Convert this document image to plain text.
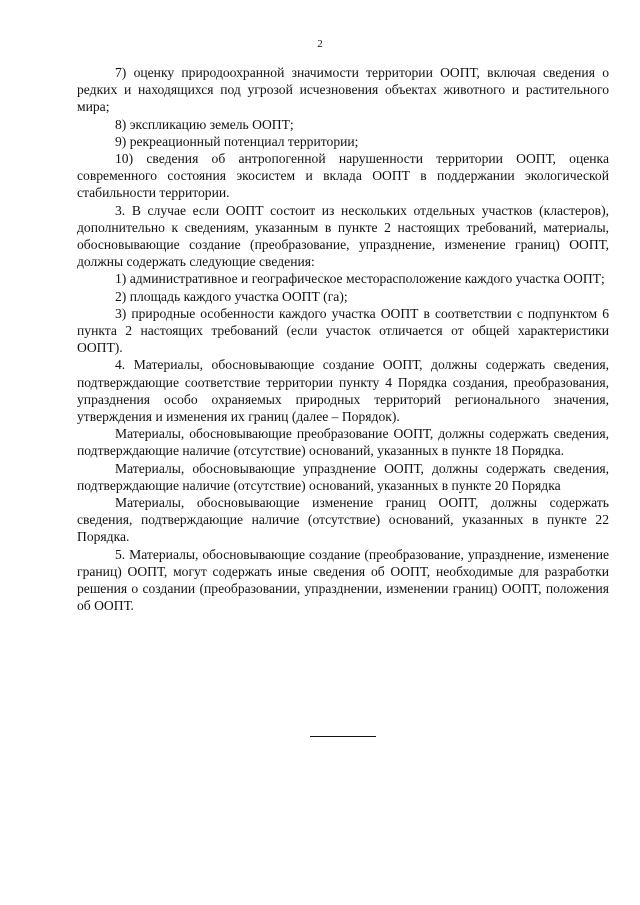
2

7) оценку природоохранной значимости территории ООПТ, включая сведения о редких и находящихся под угрозой исчезновения объектах животного и растительного мира;

8) экспликацию земель ООПТ;

9) рекреационный потенциал территории;

10) сведения об антропогенной нарушенности территории ООПТ, оценка современного состояния экосистем и вклада ООПТ в поддержании экологической стабильности территории.

3. В случае если ООПТ состоит из нескольких отдельных участков (кластеров), дополнительно к сведениям, указанным в пункте 2 настоящих требований, материалы, обосновывающие создание (преобразование, упразднение, изменение границ) ООПТ, должны содержать следующие сведения:

1) административное и географическое месторасположение каждого участка ООПТ;

2) площадь каждого участка ООПТ (га);

3) природные особенности каждого участка ООПТ в соответствии с подпунктом 6 пункта 2 настоящих требований (если участок отличается от общей характеристики ООПТ).

4. Материалы, обосновывающие создание ООПТ, должны содержать сведения, подтверждающие соответствие территории пункту 4 Порядка создания, преобразования, упразднения особо охраняемых природных территорий регионального значения, утверждения и изменения их границ (далее – Порядок).

Материалы, обосновывающие преобразование ООПТ, должны содержать сведения, подтверждающие наличие (отсутствие) оснований, указанных в пункте 18 Порядка.

Материалы, обосновывающие упразднение ООПТ, должны содержать сведения, подтверждающие наличие (отсутствие) оснований, указанных в пункте 20 Порядка

Материалы, обосновывающие изменение границ ООПТ, должны содержать сведения, подтверждающие наличие (отсутствие) оснований, указанных в пункте 22 Порядка.

5. Материалы, обосновывающие создание (преобразование, упразднение, изменение границ) ООПТ, могут содержать иные сведения об ООПТ, необходимые для разработки решения о создании (преобразовании, упразднении, изменении границ) ООПТ, положения об ООПТ.
